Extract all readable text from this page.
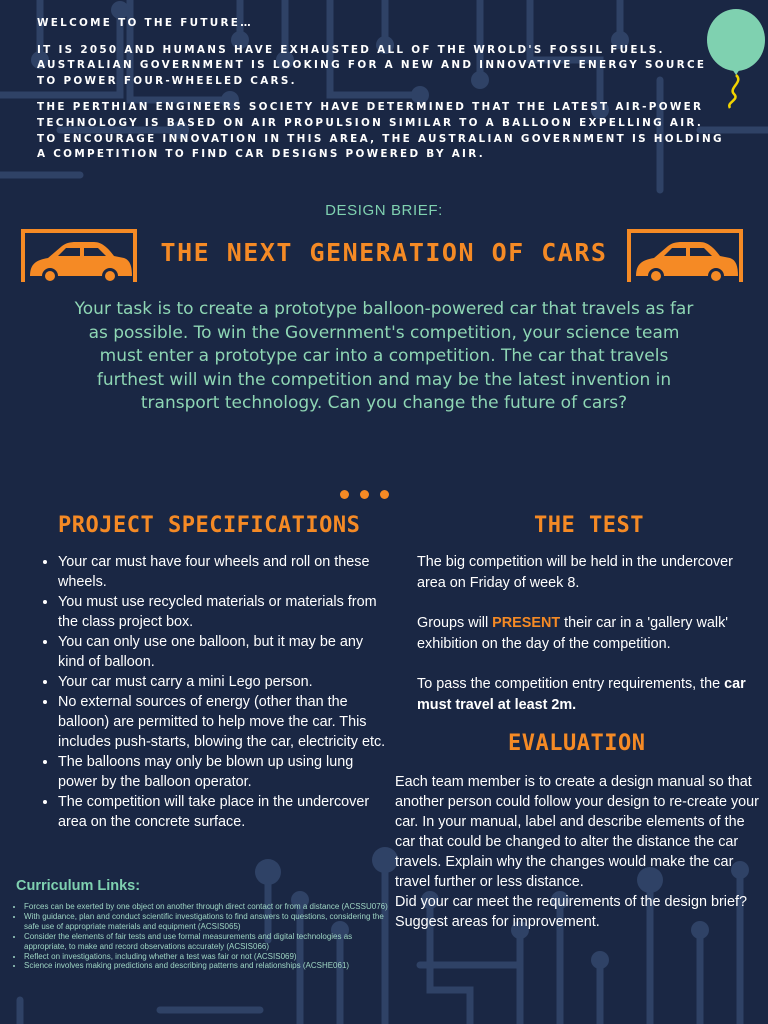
WELCOME TO THE FUTURE…

IT IS 2050 AND HUMANS HAVE EXHAUSTED ALL OF THE WROLD'S FOSSIL FUELS. AUSTRALIAN GOVERNMENT IS LOOKING FOR A NEW AND INNOVATIVE ENERGY SOURCE TO POWER FOUR-WHEELED CARS.

THE PERTHIAN ENGINEERS SOCIETY HAVE DETERMINED THAT THE LATEST AIR-POWER TECHNOLOGY IS BASED ON AIR PROPULSION SIMILAR TO A BALLOON EXPELLING AIR. TO ENCOURAGE INNOVATION IN THIS AREA, THE AUSTRALIAN GOVERNMENT IS HOLDING A COMPETITION TO FIND CAR DESIGNS POWERED BY AIR.

DESIGN BRIEF:
THE NEXT GENERATION OF CARS
Your task is to create a prototype balloon-powered car that travels as far as possible. To win the Government's competition, your science team must enter a prototype car into a competition. The car that travels furthest will win the competition and may be the latest invention in transport technology. Can you change the future of cars?
PROJECT SPECIFICATIONS
• Your car must have four wheels and roll on these wheels.
• You must use recycled materials or materials from the class project box.
• You can only use one balloon, but it may be any kind of balloon.
• Your car must carry a mini Lego person.
• No external sources of energy (other than the balloon) are permitted to help move the car. This includes push-starts, blowing the car, electricity etc.
• The balloons may only be blown up using lung power by the balloon operator.
• The competition will take place in the undercover area on the concrete surface.
THE TEST

The big competition will be held in the undercover area on Friday of week 8.

Groups will PRESENT their car in a 'gallery walk' exhibition on the day of the competition.

To pass the competition entry requirements, the car must travel at least 2m.

EVALUATION

Each team member is to create a design manual so that another person could follow your design to re-create your car. In your manual, label and describe elements of the car that could be changed to alter the distance the car travels. Explain why the changes would make the car travel further or less distance.

Did your car meet the requirements of the design brief? Suggest areas for improvement.

Curriculum Links:
• Forces can be exerted by one object on another through direct contact or from a distance (ACSSU076)
• With guidance, plan and conduct scientific investigations to find answers to questions, considering the safe use of appropriate materials and equipment (ACSIS065)
• Consider the elements of fair tests and use formal measurements and digital technologies as appropriate, to make and record observations accurately (ACSIS066)
• Reflect on investigations, including whether a test was fair or not (ACSIS069)
• Science involves making predictions and describing patterns and relationships (ACSHE061)
